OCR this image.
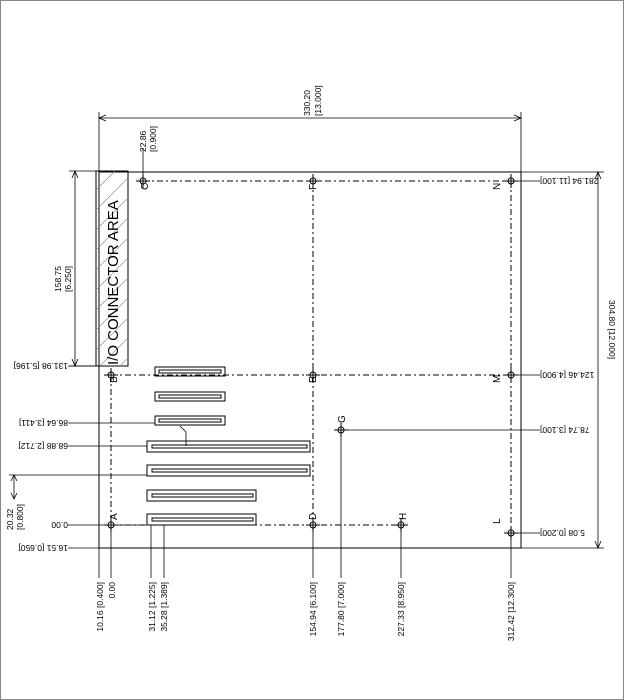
I/O CONNECTOR AREA
C	F	N
B	E	M
G
A	D	H
L
330.20 [13.000]
304.80 [12.000]
158.75 [6.250]
22.86 [0.900]
20.32 [0.800]
131.98 [5.196]
86.64 [3.411]
68.88 [2.712]
0.00
16.51 [0.650]
281.94 [11.100]
124.46 [4.900]
78.74 [3.100]
5.08 [0.200]
10.16 [0.400] 0.00	31.12 [1.225] 35.28 [1.389]	154.94 [6.100] 177.80 [7.000]	227.33 [8.950]	312.42 [12.300]
